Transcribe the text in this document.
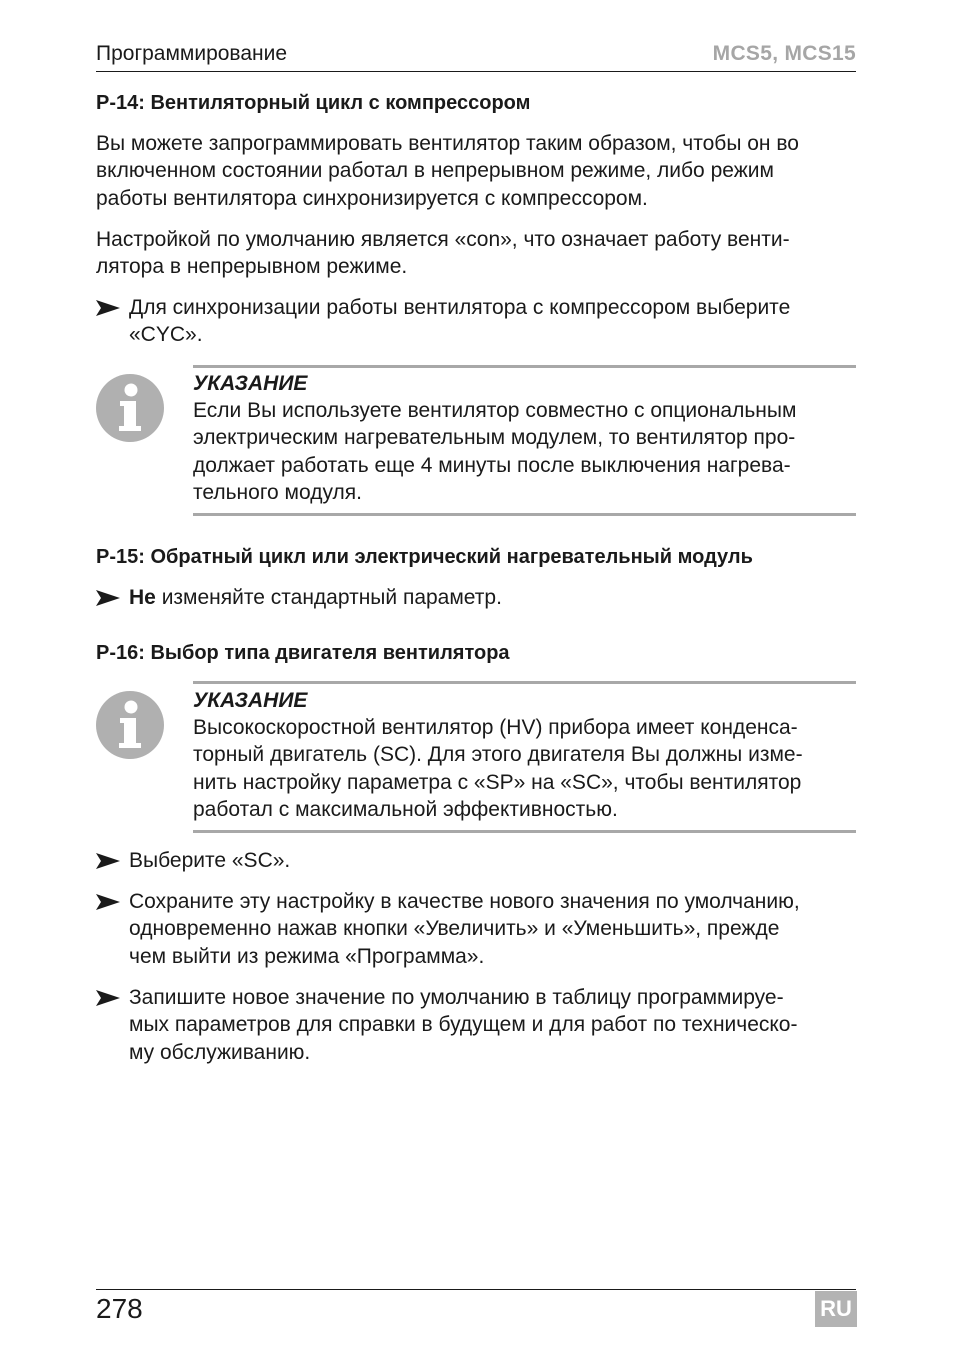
Программирование	MCS5, MCS15
P-14: Вентиляторный цикл с компрессором
Вы можете запрограммировать вентилятор таким образом, чтобы он во
включенном состоянии работал в непрерывном режиме, либо режим
работы вентилятора синхронизируется с компрессором.
Настройкой по умолчанию является «con», что означает работу венти-
лятора в непрерывном режиме.
Для синхронизации работы вентилятора с компрессором выберите
«CYC».
УКАЗАНИЕ
Если Вы используете вентилятор совместно с опциональным
электрическим нагревательным модулем, то вентилятор про-
должает работать еще 4 минуты после выключения нагрева-
тельного модуля.
P-15: Обратный цикл или электрический нагревательный модуль
Не изменяйте стандартный параметр.
P-16: Выбор типа двигателя вентилятора
УКАЗАНИЕ
Высокоскоростной вентилятор (HV) прибора имеет конденса-
торный двигатель (SC). Для этого двигателя Вы должны изме-
нить настройку параметра с «SP» на «SC», чтобы вентилятор
работал с максимальной эффективностью.
Выберите «SC».
Сохраните эту настройку в качестве нового значения по умолчанию,
одновременно нажав кнопки «Увеличить» и «Уменьшить», прежде
чем выйти из режима «Программа».
Запишите новое значение по умолчанию в таблицу программируе-
мых параметров для справки в будущем и для работ по техническо-
му обслуживанию.
278	RU
